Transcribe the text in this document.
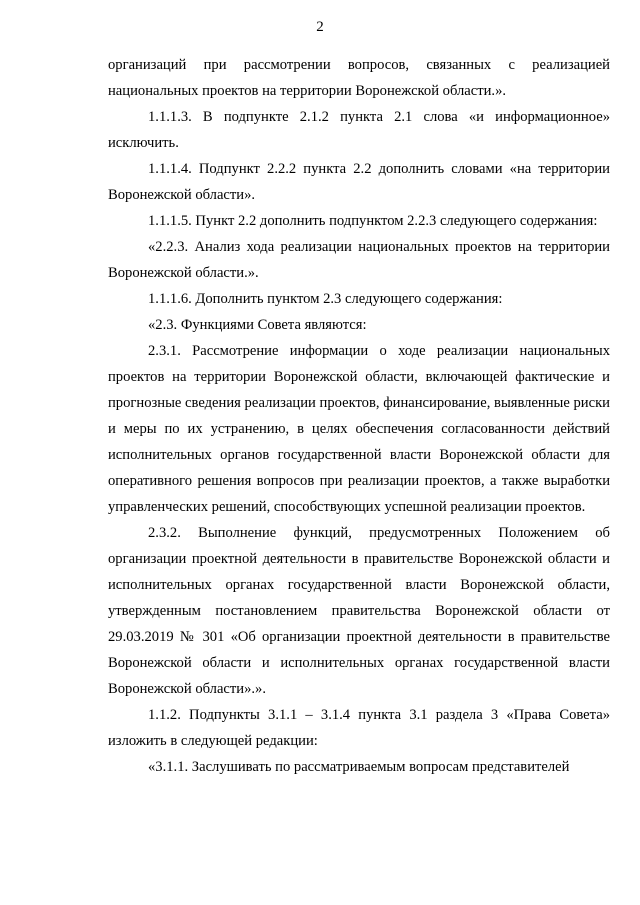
2

организаций при рассмотрении вопросов, связанных с реализацией национальных проектов на территории Воронежской области.».

1.1.1.3. В подпункте 2.1.2 пункта 2.1 слова «и информационное» исключить.

1.1.1.4. Подпункт 2.2.2 пункта 2.2 дополнить словами «на территории Воронежской области».

1.1.1.5. Пункт 2.2 дополнить подпунктом 2.2.3 следующего содержания:

«2.2.3. Анализ хода реализации национальных проектов на территории Воронежской области.».

1.1.1.6. Дополнить пунктом 2.3 следующего содержания:

«2.3. Функциями Совета являются:

2.3.1. Рассмотрение информации о ходе реализации национальных проектов на территории Воронежской области, включающей фактические и прогнозные сведения реализации проектов, финансирование, выявленные риски и меры по их устранению, в целях обеспечения согласованности действий исполнительных органов государственной власти Воронежской области для оперативного решения вопросов при реализации проектов, а также выработки управленческих решений, способствующих успешной реализации проектов.

2.3.2. Выполнение функций, предусмотренных Положением об организации проектной деятельности в правительстве Воронежской области и исполнительных органах государственной власти Воронежской области, утвержденным постановлением правительства Воронежской области от 29.03.2019 № 301 «Об организации проектной деятельности в правительстве Воронежской области и исполнительных органах государственной власти Воронежской области».».

1.1.2. Подпункты 3.1.1 – 3.1.4 пункта 3.1 раздела 3 «Права Совета» изложить в следующей редакции:

«3.1.1. Заслушивать по рассматриваемым вопросам представителей
